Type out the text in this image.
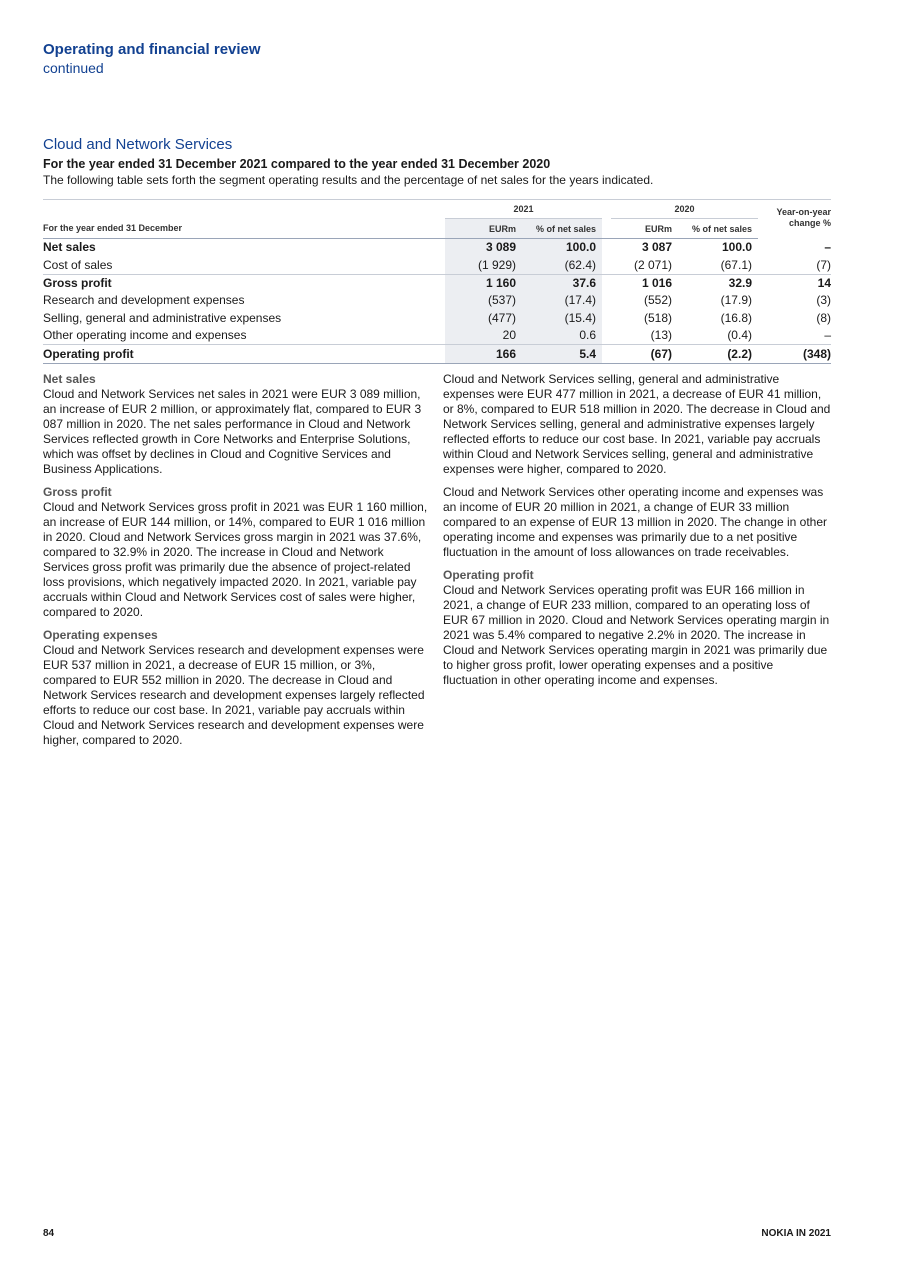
Operating and financial review
continued
Cloud and Network Services
For the year ended 31 December 2021 compared to the year ended 31 December 2020
The following table sets forth the segment operating results and the percentage of net sales for the years indicated.
	2021			2020		Year-on-year
change %
For the year ended 31 December	EURm	% of net sales		EURm	% of net sales	
Net sales	3 089	100.0		3 087	100.0	–
Cost of sales	(1 929)	(62.4)		(2 071)	(67.1)	(7)
Gross profit	1 160	37.6		1 016	32.9	14
Research and development expenses	(537)	(17.4)		(552)	(17.9)	(3)
Selling, general and administrative expenses	(477)	(15.4)		(518)	(16.8)	(8)
Other operating income and expenses	20	0.6		(13)	(0.4)	–
Operating profit	166	5.4		(67)	(2.2)	(348)
Net sales

Cloud and Network Services net sales in 2021 were EUR 3 089 million, an increase of EUR 2 million, or approximately flat, compared to EUR 3 087 million in 2020. The net sales performance in Cloud and Network Services reflected growth in Core Networks and Enterprise Solutions, which was offset by declines in Cloud and Cognitive Services and Business Applications.

Gross profit

Cloud and Network Services gross profit in 2021 was EUR 1 160 million, an increase of EUR 144 million, or 14%, compared to EUR 1 016 million in 2020. Cloud and Network Services gross margin in 2021 was 37.6%, compared to 32.9% in 2020. The increase in Cloud and Network Services gross profit was primarily due the absence of project-related loss provisions, which negatively impacted 2020. In 2021, variable pay accruals within Cloud and Network Services cost of sales were higher, compared to 2020.

Operating expenses

Cloud and Network Services research and development expenses were EUR 537 million in 2021, a decrease of EUR 15 million, or 3%, compared to EUR 552 million in 2020. The decrease in Cloud and Network Services research and development expenses largely reflected efforts to reduce our cost base. In 2021, variable pay accruals within Cloud and Network Services research and development expenses were higher, compared to 2020.

Cloud and Network Services selling, general and administrative expenses were EUR 477 million in 2021, a decrease of EUR 41 million, or 8%, compared to EUR 518 million in 2020. The decrease in Cloud and Network Services selling, general and administrative expenses largely reflected efforts to reduce our cost base. In 2021, variable pay accruals within Cloud and Network Services selling, general and administrative expenses were higher, compared to 2020.

Cloud and Network Services other operating income and expenses was an income of EUR 20 million in 2021, a change of EUR 33 million compared to an expense of EUR 13 million in 2020. The change in other operating income and expenses was primarily due to a net positive fluctuation in the amount of loss allowances on trade receivables.

Operating profit

Cloud and Network Services operating profit was EUR 166 million in 2021, a change of EUR 233 million, compared to an operating loss of EUR 67 million in 2020. Cloud and Network Services operating margin in 2021 was 5.4% compared to negative 2.2% in 2020. The increase in Cloud and Network Services operating margin in 2021 was primarily due to higher gross profit, lower operating expenses and a positive fluctuation in other operating income and expenses.

84	NOKIA IN 2021
